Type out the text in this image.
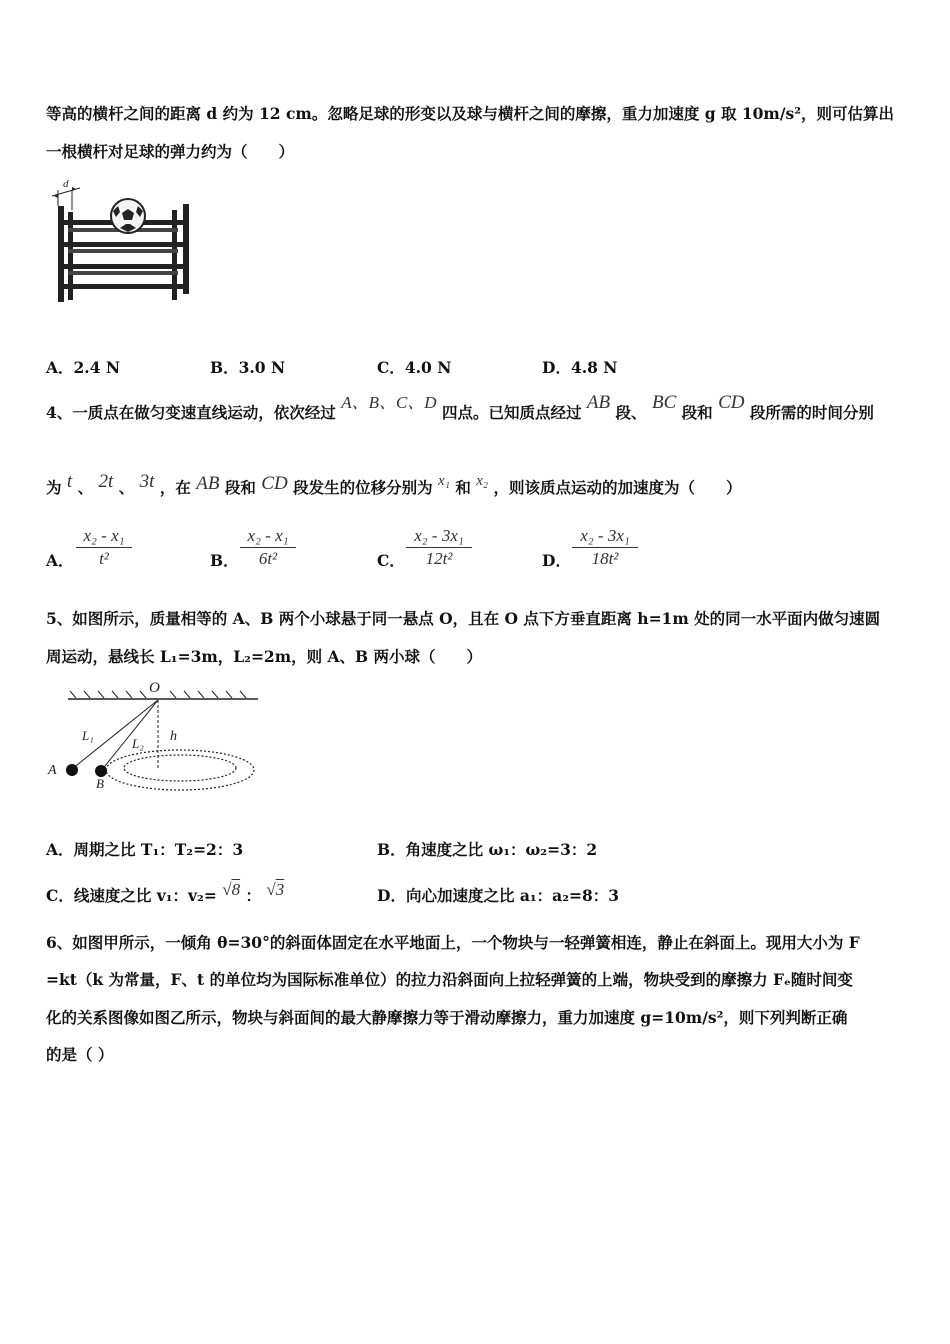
等高的横杆之间的距离 d 约为 12 cm。忽略足球的形变以及球与横杆之间的摩擦，重力加速度 g 取 10m/s²，则可估算出
一根横杆对足球的弹力约为（　　）
d
A．2.4 N	B．3.0 N	C．4.0 N	D．4.8 N
4、一质点在做匀变速直线运动，依次经过 A、B、C、D 四点。已知质点经过 AB 段、 BC 段和 CD 段所需的时间分别
为 t 、 2t 、 3t ，在 AB 段和 CD 段发生的位移分别为 x₁ 和 x₂ ，则该质点运动的加速度为（　　）
A． $\frac{\text{x₂ - x₁}}{\text{t²}}$	B． $\frac{\text{x₂ - x₁}}{\text{6t²}}$	C． $\frac{\text{x₂ - 3x₁}}{\text{12t²}}$	D． $\frac{\text{x₂ - 3x₁}}{\text{18t²}}$
5、如图所示，质量相等的 A、B 两个小球悬于同一悬点 O，且在 O 点下方垂直距离 h=1m 处的同一水平面内做匀速圆
周运动，悬线长 L₁=3m，L₂=2m，则 A、B 两小球（　　）
O
L₁
L₂ h
A
B
A．周期之比 T₁：T₂=2：3	B．角速度之比 ω₁：ω₂=3：2
C．线速度之比 v₁：v₂= √8 ： √3	D．向心加速度之比 a₁：a₂=8：3
6、如图甲所示，一倾角 θ=30°的斜面体固定在水平地面上，一个物块与一轻弹簧相连，静止在斜面上。现用大小为 F
=kt（k 为常量，F、t 的单位均为国际标准单位）的拉力沿斜面向上拉轻弹簧的上端，物块受到的摩擦力 Fₑ随时间变
化的关系图像如图乙所示，物块与斜面间的最大静摩擦力等于滑动摩擦力，重力加速度 g=10m/s²，则下列判断正确
的是（ ）
